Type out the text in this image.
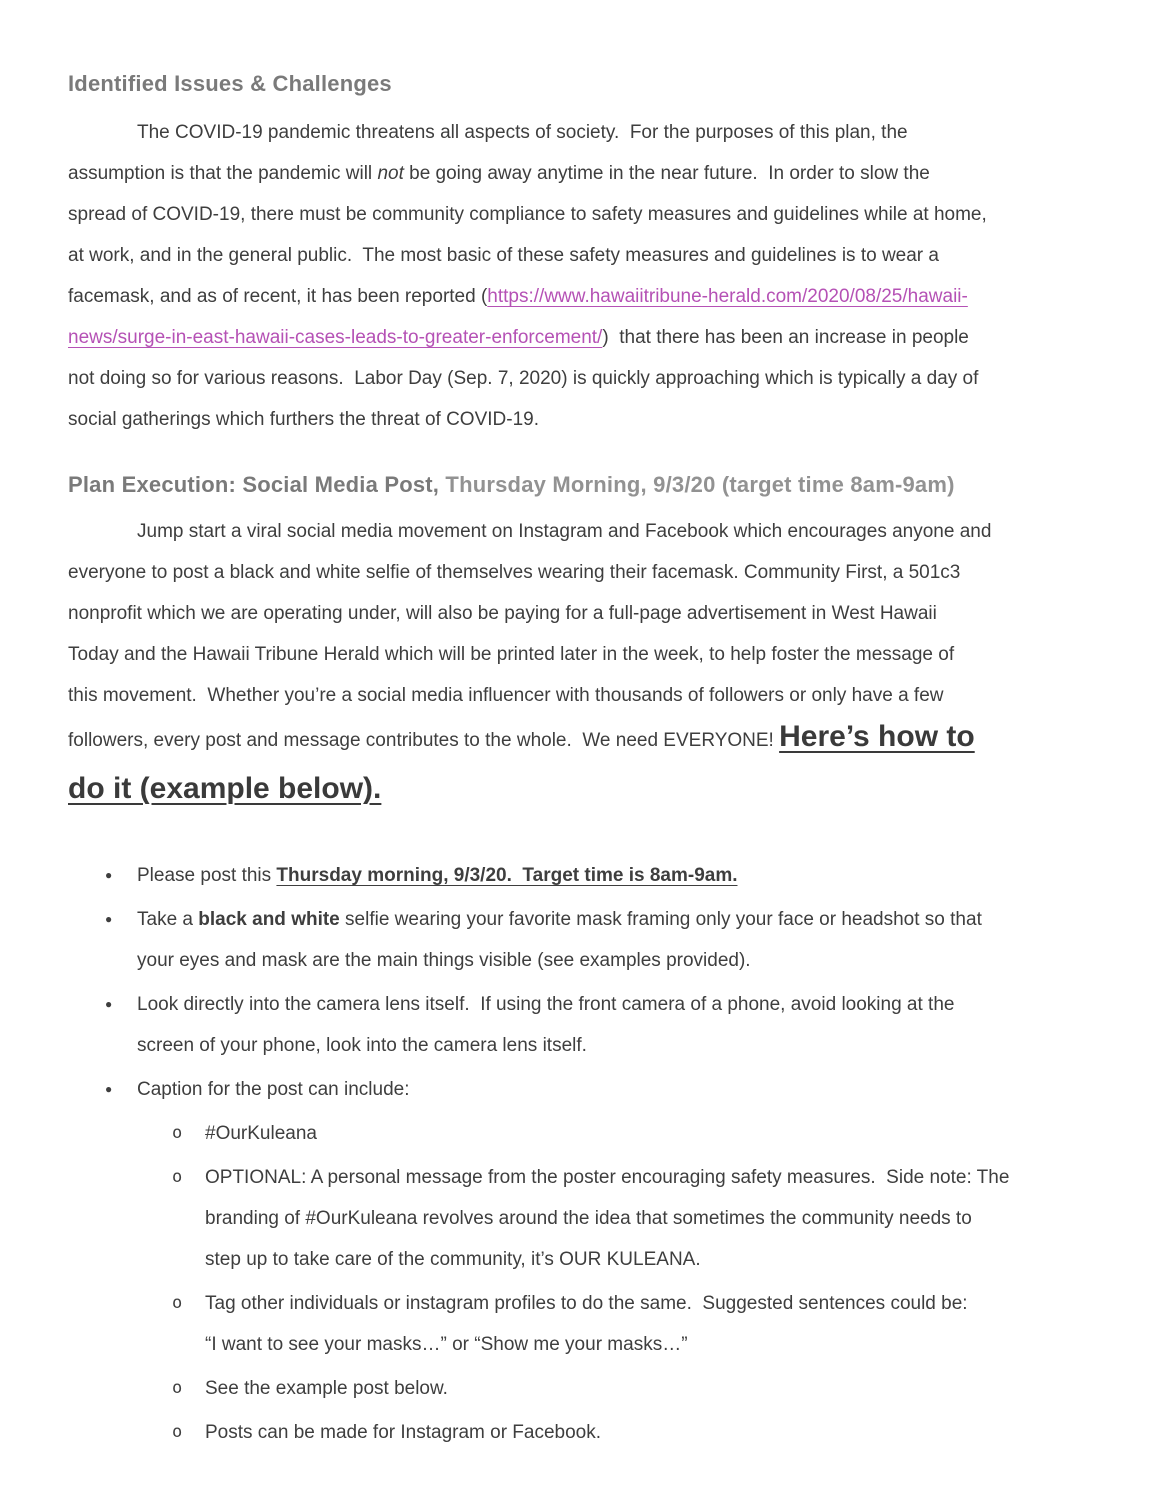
Identified Issues & Challenges
The COVID-19 pandemic threatens all aspects of society.  For the purposes of this plan, the
assumption is that the pandemic will not be going away anytime in the near future.  In order to slow the
spread of COVID-19, there must be community compliance to safety measures and guidelines while at home,
at work, and in the general public.  The most basic of these safety measures and guidelines is to wear a
facemask, and as of recent, it has been reported (https://www.hawaiitribune-herald.com/2020/08/25/hawaii-
news/surge-in-east-hawaii-cases-leads-to-greater-enforcement/)  that there has been an increase in people
not doing so for various reasons.  Labor Day (Sep. 7, 2020) is quickly approaching which is typically a day of
social gatherings which furthers the threat of COVID-19.
Plan Execution: Social Media Post, Thursday Morning, 9/3/20 (target time 8am-9am)
Jump start a viral social media movement on Instagram and Facebook which encourages anyone and
everyone to post a black and white selfie of themselves wearing their facemask. Community First, a 501c3
nonprofit which we are operating under, will also be paying for a full-page advertisement in West Hawaii
Today and the Hawaii Tribune Herald which will be printed later in the week, to help foster the message of
this movement.  Whether you’re a social media influencer with thousands of followers or only have a few
followers, every post and message contributes to the whole.  We need EVERYONE! Here’s how to
do it (example below).
●	Please post this Thursday morning, 9/3/20.  Target time is 8am-9am.
●	Take a black and white selfie wearing your favorite mask framing only your face or headshot so that
your eyes and mask are the main things visible (see examples provided).
●	Look directly into the camera lens itself.  If using the front camera of a phone, avoid looking at the
screen of your phone, look into the camera lens itself.
●	Caption for the post can include:
o	#OurKuleana
o	OPTIONAL: A personal message from the poster encouraging safety measures.  Side note: The
branding of #OurKuleana revolves around the idea that sometimes the community needs to
step up to take care of the community, it’s OUR KULEANA.
o	Tag other individuals or instagram profiles to do the same.  Suggested sentences could be:
“I want to see your masks…” or “Show me your masks…”
o	See the example post below.
o	Posts can be made for Instagram or Facebook.
